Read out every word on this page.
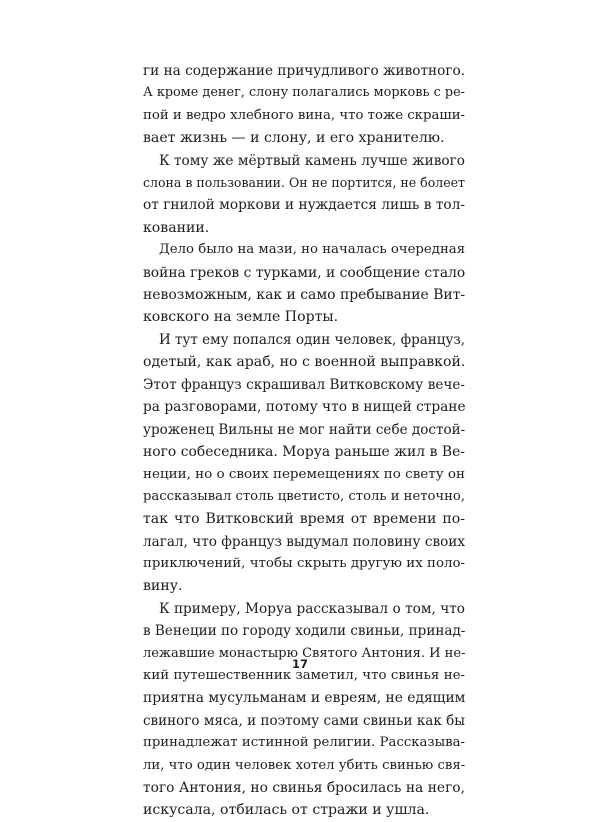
ги на содержание причудливого животного.
А кроме денег, слону полагались морковь с ре-
пой и ведро хлебного вина, что тоже скраши-
вает жизнь — и слону, и его хранителю.
К тому же мёртвый камень лучше живого
слона в пользовании. Он не портится, не болеет
от гнилой моркови и нуждается лишь в тол-
ковании.
Дело было на мази, но началась очередная
война греков с турками, и сообщение стало
невозможным, как и само пребывание Вит-
ковского на земле Порты.
И тут ему попался один человек, француз,
одетый, как араб, но с военной выправкой.
Этот француз скрашивал Витковскому вече-
ра разговорами, потому что в нищей стране
уроженец Вильны не мог найти себе достой-
ного собеседника. Моруа раньше жил в Ве-
неции, но о своих перемещениях по свету он
рассказывал столь цветисто, столь и неточно,
так что Витковский время от времени по-
лагал, что француз выдумал половину своих
приключений, чтобы скрыть другую их поло-
вину.
К примеру, Моруа рассказывал о том, что
в Венеции по городу ходили свиньи, принад-
лежавшие монастырю Святого Антония. И не-
кий путешественник заметил, что свинья не-
приятна мусульманам и евреям, не едящим
свиного мяса, и поэтому сами свиньи как бы
принадлежат истинной религии. Рассказыва-
ли, что один человек хотел убить свинью свя-
того Антония, но свинья бросилась на него,
искусала, отбилась от стражи и ушла.
17
